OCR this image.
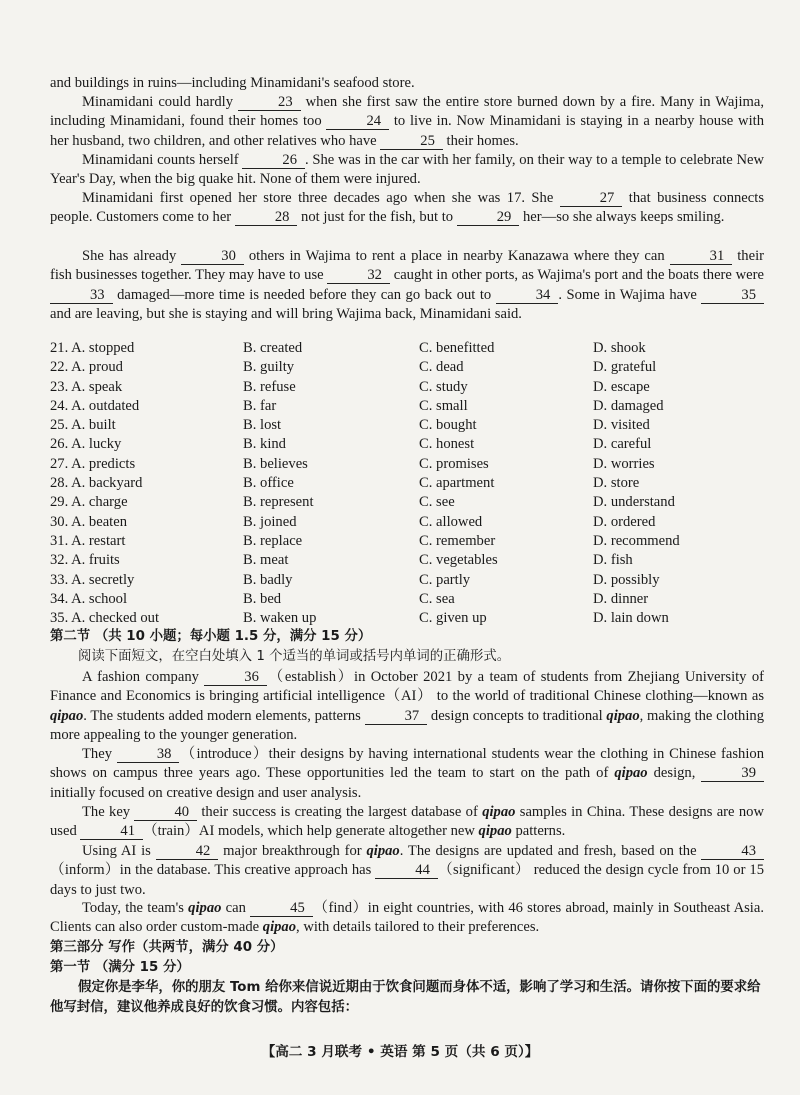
and buildings in ruins—including Minamidani's seafood store.
Minamidani could hardly	23 when she first saw the entire store burned down by a fire. Many in Wajima, including Minamidani, found their homes too	24 to live in. Now Minamidani is staying in a nearby house with her husband, two children, and other relatives who have	25 their homes.
Minamidani counts herself	26 . She was in the car with her family, on their way to a temple to celebrate New Year's Day, when the big quake hit. None of them were injured.
Minamidani first opened her store three decades ago when she was 17. She	27 that business connects people. Customers come to her	28 not just for the fish, but to	29 her—so she always keeps smiling.
She has already	30 others in Wajima to rent a place in nearby Kanazawa where they can	31 their fish businesses together. They may have to use	32 caught in other ports, as Wajima's port and the boats there were 33 damaged—more time is needed before they can go back out to	34 . Some in Wajima have	35 and are leaving, but she is staying and will bring Wajima back, Minamidani said.
21. A. stopped	B. created	C. benefitted	D. shook
22. A. proud	B. guilty	C. dead	D. grateful
23. A. speak	B. refuse	C. study	D. escape
24. A. outdated	B. far	C. small	D. damaged
25. A. built	B. lost	C. bought	D. visited
26. A. lucky	B. kind	C. honest	D. careful
27. A. predicts	B. believes	C. promises	D. worries
28. A. backyard	B. office	C. apartment	D. store
29. A. charge	B. represent	C. see	D. understand
30. A. beaten	B. joined	C. allowed	D. ordered
31. A. restart	B. replace	C. remember	D. recommend
32. A. fruits	B. meat	C. vegetables	D. fish
33. A. secretly	B. badly	C. partly	D. possibly
34. A. school	B. bed	C. sea	D. dinner
35. A. checked out	B. waken up	C. given up	D. lain down
第二节 （共 10 小题；每小题 1.5 分，满分 15 分）
阅读下面短文，在空白处填入 1 个适当的单词或括号内单词的正确形式。
A fashion company	36 （establish）in October 2021 by a team of students from Zhejiang University of Finance and Economics is bringing artificial intelligence（AI） to the world of traditional Chinese clothing—known as qipao. The students added modern elements, patterns	37 design concepts to traditional qipao, making the clothing more appealing to the younger generation.
They	38 （introduce）their designs by having international students wear the clothing in Chinese fashion shows on campus three years ago. These opportunities led the team to start on the path of qipao design,	39 initially focused on creative design and user analysis.
The key	40 their success is creating the largest database of qipao samples in China. These designs are now used	41 （train）AI models, which help generate altogether new qipao patterns.
Using AI is	42 major breakthrough for qipao. The designs are updated and fresh, based on the	43（inform）in the database. This creative approach has	44 （significant） reduced the design cycle from 10 or 15 days to just two.
Today, the team's qipao can	45 （find）in eight countries, with 46 stores abroad, mainly in Southeast Asia. Clients can also order custom-made qipao, with details tailored to their preferences.
第三部分 写作（共两节，满分 40 分）
第一节 （满分 15 分）
假定你是李华，你的朋友 Tom 给你来信说近期由于饮食问题而身体不适，影响了学习和生活。请你按下面的要求给他写封信，建议他养成良好的饮食习惯。内容包括：
【高二 3 月联考 • 英语 第 5 页（共 6 页）】
